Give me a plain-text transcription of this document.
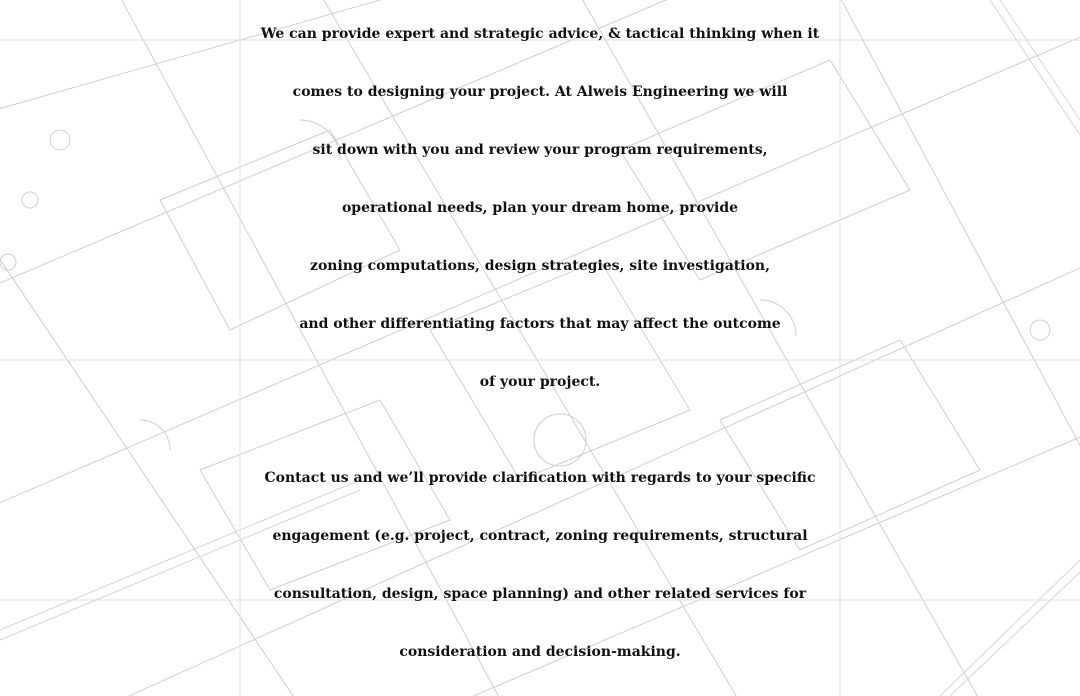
We can provide expert and strategic advice, & tactical thinking when it
comes to designing your project. At Alweis Engineering we will
sit down with you and review your program requirements,
operational needs, plan your dream home, provide
zoning computations, design strategies, site investigation,
and other differentiating factors that may affect the outcome
of your project.

Contact us and we’ll provide clarification with regards to your specific
engagement (e.g. project, contract, zoning requirements, structural
consultation, design, space planning) and other related services for
consideration and decision-making.
